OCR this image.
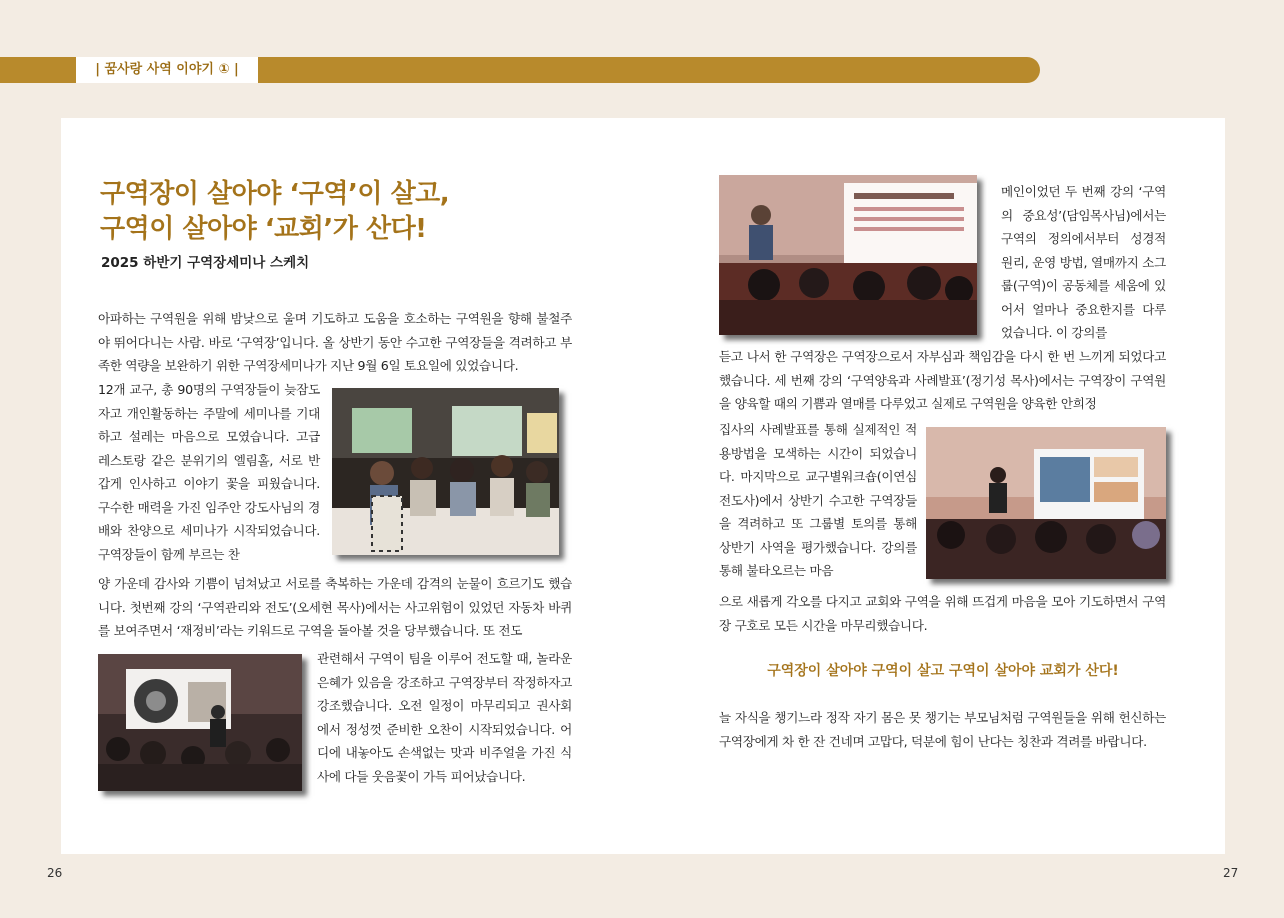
| 꿈사랑 사역 이야기 ① |
구역장이 살아야 ‘구역’이 살고,
구역이 살아야 ‘교회’가 산다!
2025 하반기 구역장세미나 스케치

아파하는 구역원을 위해 밤낮으로 울며 기도하고 도움을 호소하는 구역원을 향해 불철주야 뛰어다니는 사람. 바로 ‘구역장’입니다. 올 상반기 동안 수고한 구역장들을 격려하고 부족한 역량을 보완하기 위한 구역장세미나가 지난 9월 6일 토요일에 있었습니다.

12개 교구, 총 90명의 구역장들이 늦잠도 자고 개인활동하는 주말에 세미나를 기대하고 설레는 마음으로 모였습니다. 고급 레스토랑 같은 분위기의 엘림홀, 서로 반갑게 인사하고 이야기 꽃을 피웠습니다. 구수한 매력을 가진 임주안 강도사님의 경배와 찬양으로 세미나가 시작되었습니다. 구역장들이 함께 부르는 찬

양 가운데 감사와 기쁨이 넘쳐났고 서로를 축복하는 가운데 감격의 눈물이 흐르기도 했습니다. 첫번째 강의 ‘구역관리와 전도’(오세현 목사)에서는 사고위험이 있었던 자동차 바퀴를 보여주면서 ‘재정비’라는 키워드로 구역을 돌아볼 것을 당부했습니다. 또 전도

관련해서 구역이 팀을 이루어 전도할 때, 놀라운 은혜가 있음을 강조하고 구역장부터 작정하자고 강조했습니다. 오전 일정이 마무리되고 권사회에서 정성껏 준비한 오찬이 시작되었습니다. 어디에 내놓아도 손색없는 맛과 비주얼을 가진 식사에 다들 웃음꽃이 가득 피어났습니다.

메인이었던 두 번째 강의 ‘구역의 중요성’(담임목사님)에서는 구역의 정의에서부터 성경적 원리, 운영 방법, 열매까지 소그룹(구역)이 공동체를 세움에 있어서 얼마나 중요한지를 다루었습니다. 이 강의를

듣고 나서 한 구역장은 구역장으로서 자부심과 책임감을 다시 한 번 느끼게 되었다고 했습니다. 세 번째 강의 ‘구역양육과 사례발표’(정기성 목사)에서는 구역장이 구역원을 양육할 때의 기쁨과 열매를 다루었고 실제로 구역원을 양육한 안희정

집사의 사례발표를 통해 실제적인 적용방법을 모색하는 시간이 되었습니다. 마지막으로 교구별워크숍(이연심 전도사)에서 상반기 수고한 구역장들을 격려하고 또 그룹별 토의를 통해 상반기 사역을 평가했습니다. 강의를 통해 불타오르는 마음

으로 새롭게 각오를 다지고 교회와 구역을 위해 뜨겁게 마음을 모아 기도하면서 구역장 구호로 모든 시간을 마무리했습니다.

구역장이 살아야 구역이 살고 구역이 살아야 교회가 산다!

늘 자식을 챙기느라 정작 자기 몸은 못 챙기는 부모님처럼 구역원들을 위해 헌신하는 구역장에게 차 한 잔 건네며 고맙다, 덕분에 힘이 난다는 칭찬과 격려를 바랍니다.

26	27
